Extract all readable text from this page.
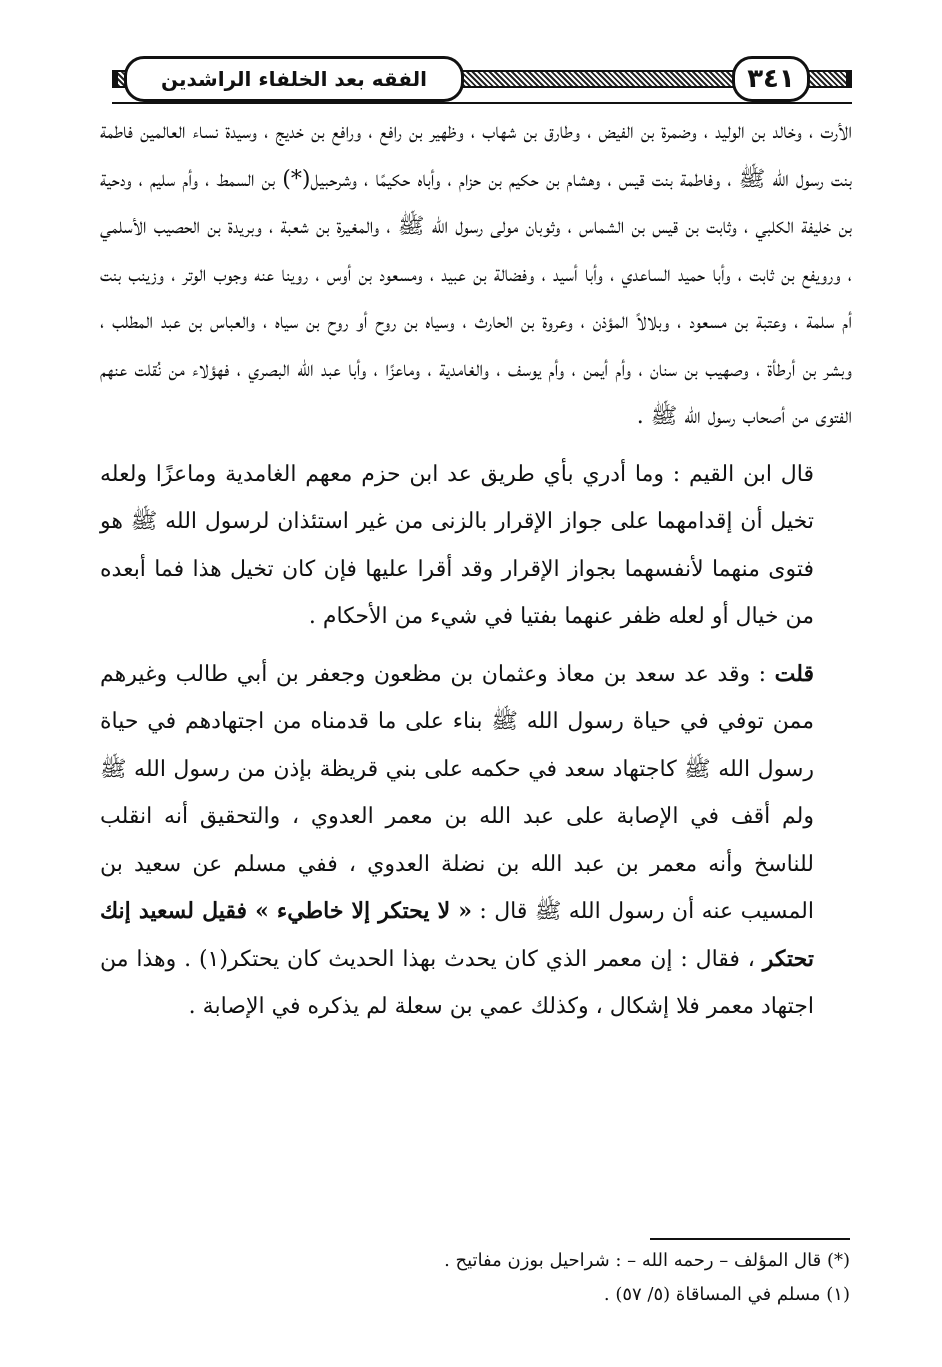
الفقه بعد الخلفاء الراشدين	٣٤١

الأرت ، وخالد بن الوليد ، وضمرة بن الفيض ، وطارق بن شهاب ، وظهير بن رافع ، ورافع بن خديج ، وسيدة نساء العالمين فاطمة بنت رسول الله ﷺ ، وفاطمة بنت قيس ، وهشام بن حكيم بن حزام ، وأباه حكيمًا ، وشرحبيل(*) بن السمط ، وأم سليم ، ودحية بن خليفة الكلبي ، وثابت بن قيس بن الشماس ، وثوبان مولى رسول الله ﷺ ، والمغيرة بن شعبة ، وبريدة بن الحصيب الأسلمي ، ورويفع بن ثابت ، وأبا حميد الساعدي ، وأبا أسيد ، وفضالة بن عبيد ، ومسعود بن أوس ، روينا عنه وجوب الوتر ، وزينب بنت أم سلمة ، وعتبة بن مسعود ، وبلالاً المؤذن ، وعروة بن الحارث ، وسياه بن روح أو روح بن سياه ، والعباس بن عبد المطلب ، وبشر بن أرطأة ، وصهيب بن سنان ، وأم أيمن ، وأم يوسف ، والغامدية ، وماعزًا ، وأبا عبد الله البصري ، فهؤلاء من نُقلت عنهم الفتوى من أصحاب رسول الله ﷺ .

قال ابن القيم : وما أدري بأي طريق عد ابن حزم معهم الغامدية وماعزًا ولعله تخيل أن إقدامهما على جواز الإقرار بالزنى من غير استئذان لرسول الله ﷺ هو فتوى منهما لأنفسهما بجواز الإقرار وقد أقرا عليها فإن كان تخيل هذا فما أبعده من خيال أو لعله ظفر عنهما بفتيا في شيء من الأحكام .

قلت : وقد عد سعد بن معاذ وعثمان بن مظعون وجعفر بن أبي طالب وغيرهم ممن توفي في حياة رسول الله ﷺ بناء على ما قدمناه من اجتهادهم في حياة رسول الله ﷺ كاجتهاد سعد في حكمه على بني قريظة بإذن من رسول الله ﷺ ولم أقف في الإصابة على عبد الله بن معمر العدوي ، والتحقيق أنه انقلب للناسخ وأنه معمر بن عبد الله بن نضلة العدوي ، ففي مسلم عن سعيد بن المسيب عنه أن رسول الله ﷺ قال : « لا يحتكر إلا خاطيء » فقيل لسعيد إنك تحتكر ، فقال : إن معمر الذي كان يحدث بهذا الحديث كان يحتكر(١) . وهذا من اجتهاد معمر فلا إشكال ، وكذلك عمي بن سعلة لم يذكره في الإصابة .

(*) قال المؤلف – رحمه الله – : شراحيل بوزن مفاتيح .

(١) مسلم في المساقاة (٥/ ٥٧) .
